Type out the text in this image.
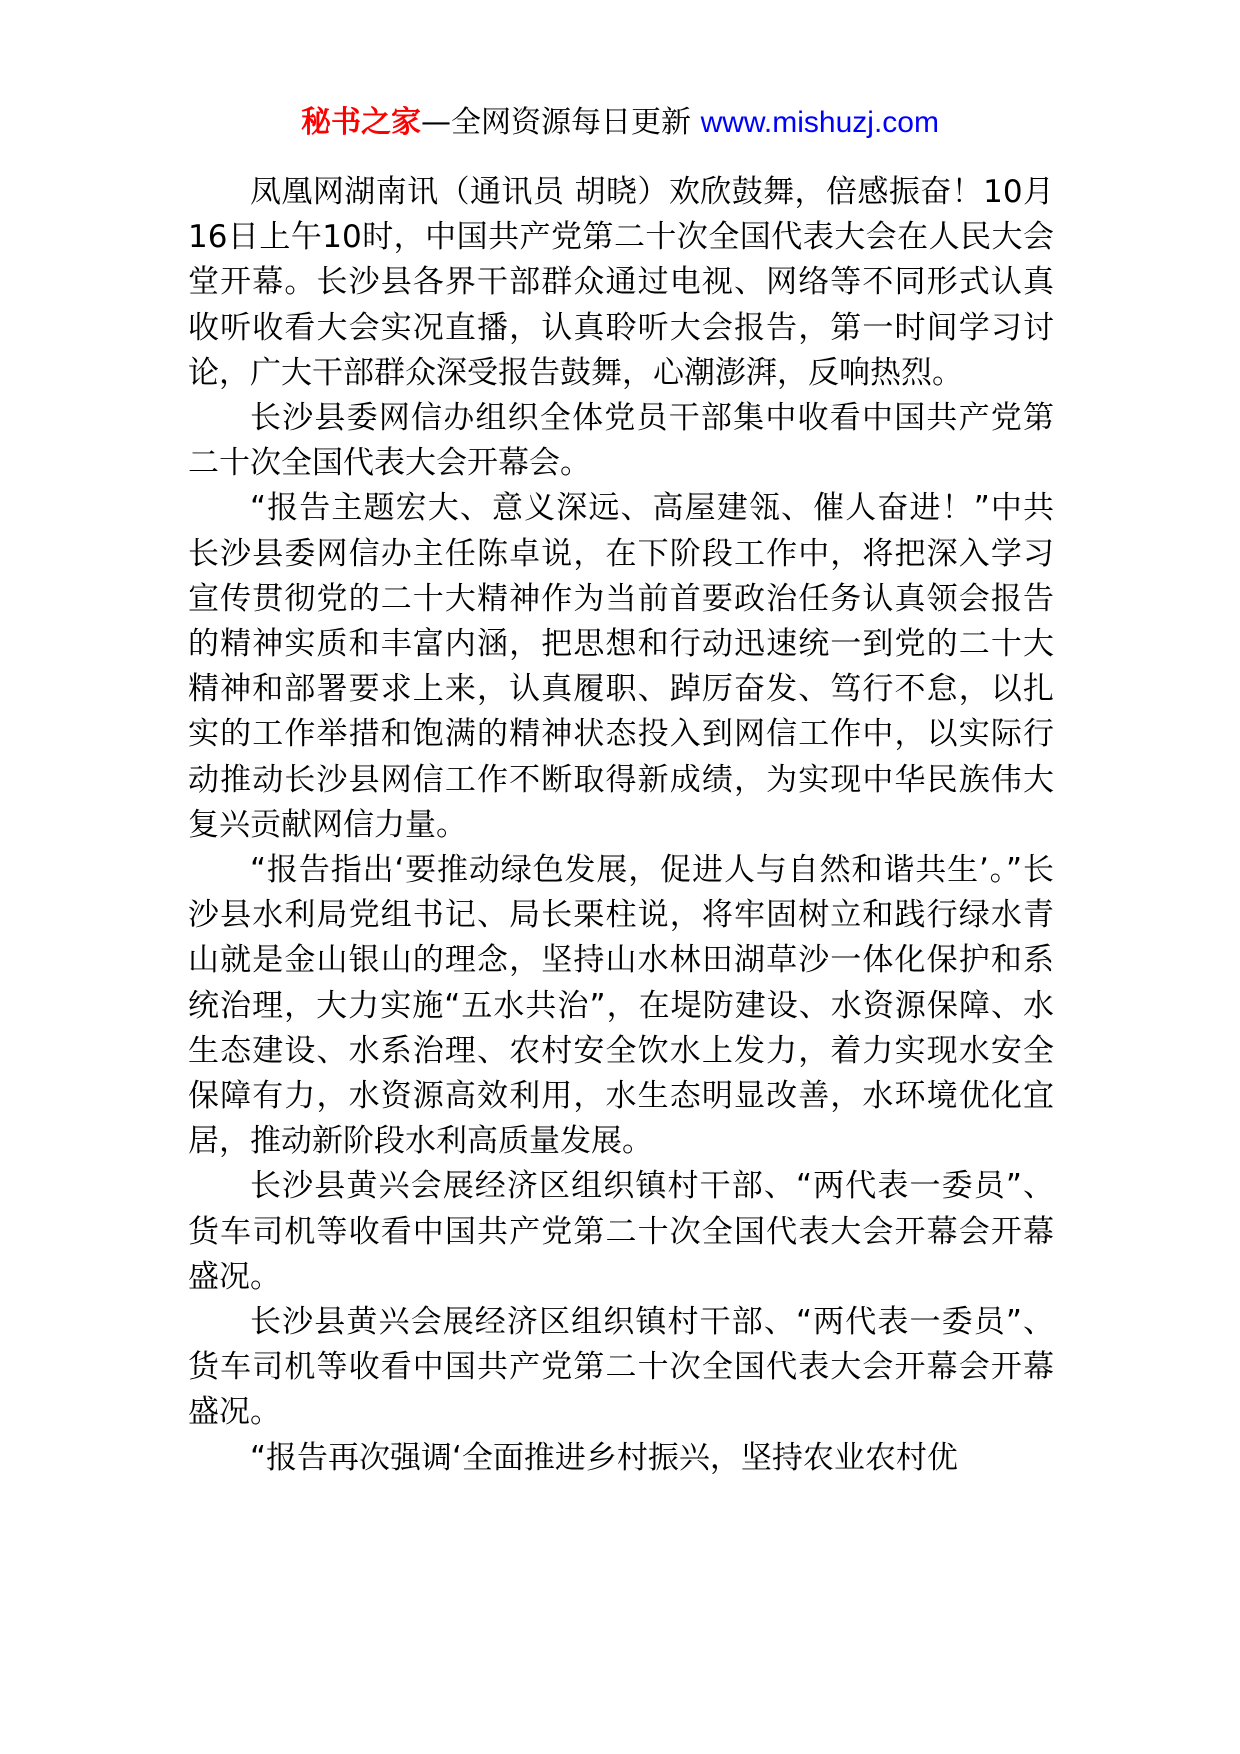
秘书之家—全网资源每日更新 www.mishuzj.com

凤凰网湖南讯（通讯员 胡晓）欢欣鼓舞，倍感振奋！10月16日上午10时，中国共产党第二十次全国代表大会在人民大会堂开幕。长沙县各界干部群众通过电视、网络等不同形式认真收听收看大会实况直播，认真聆听大会报告，第一时间学习讨论，广大干部群众深受报告鼓舞，心潮澎湃，反响热烈。

长沙县委网信办组织全体党员干部集中收看中国共产党第二十次全国代表大会开幕会。

“报告主题宏大、意义深远、高屋建瓴、催人奋进！”中共长沙县委网信办主任陈卓说，在下阶段工作中，将把深入学习宣传贯彻党的二十大精神作为当前首要政治任务认真领会报告的精神实质和丰富内涵，把思想和行动迅速统一到党的二十大精神和部署要求上来，认真履职、踔厉奋发、笃行不怠，以扎实的工作举措和饱满的精神状态投入到网信工作中，以实际行动推动长沙县网信工作不断取得新成绩，为实现中华民族伟大复兴贡献网信力量。

“报告指出‘要推动绿色发展，促进人与自然和谐共生’。”长沙县水利局党组书记、局长栗柱说，将牢固树立和践行绿水青山就是金山银山的理念，坚持山水林田湖草沙一体化保护和系统治理，大力实施“五水共治”，在堤防建设、水资源保障、水生态建设、水系治理、农村安全饮水上发力，着力实现水安全保障有力，水资源高效利用，水生态明显改善，水环境优化宜居，推动新阶段水利高质量发展。

长沙县黄兴会展经济区组织镇村干部、“两代表一委员”、货车司机等收看中国共产党第二十次全国代表大会开幕会开幕盛况。

长沙县黄兴会展经济区组织镇村干部、“两代表一委员”、货车司机等收看中国共产党第二十次全国代表大会开幕会开幕盛况。

“报告再次强调‘全面推进乡村振兴，坚持农业农村优
